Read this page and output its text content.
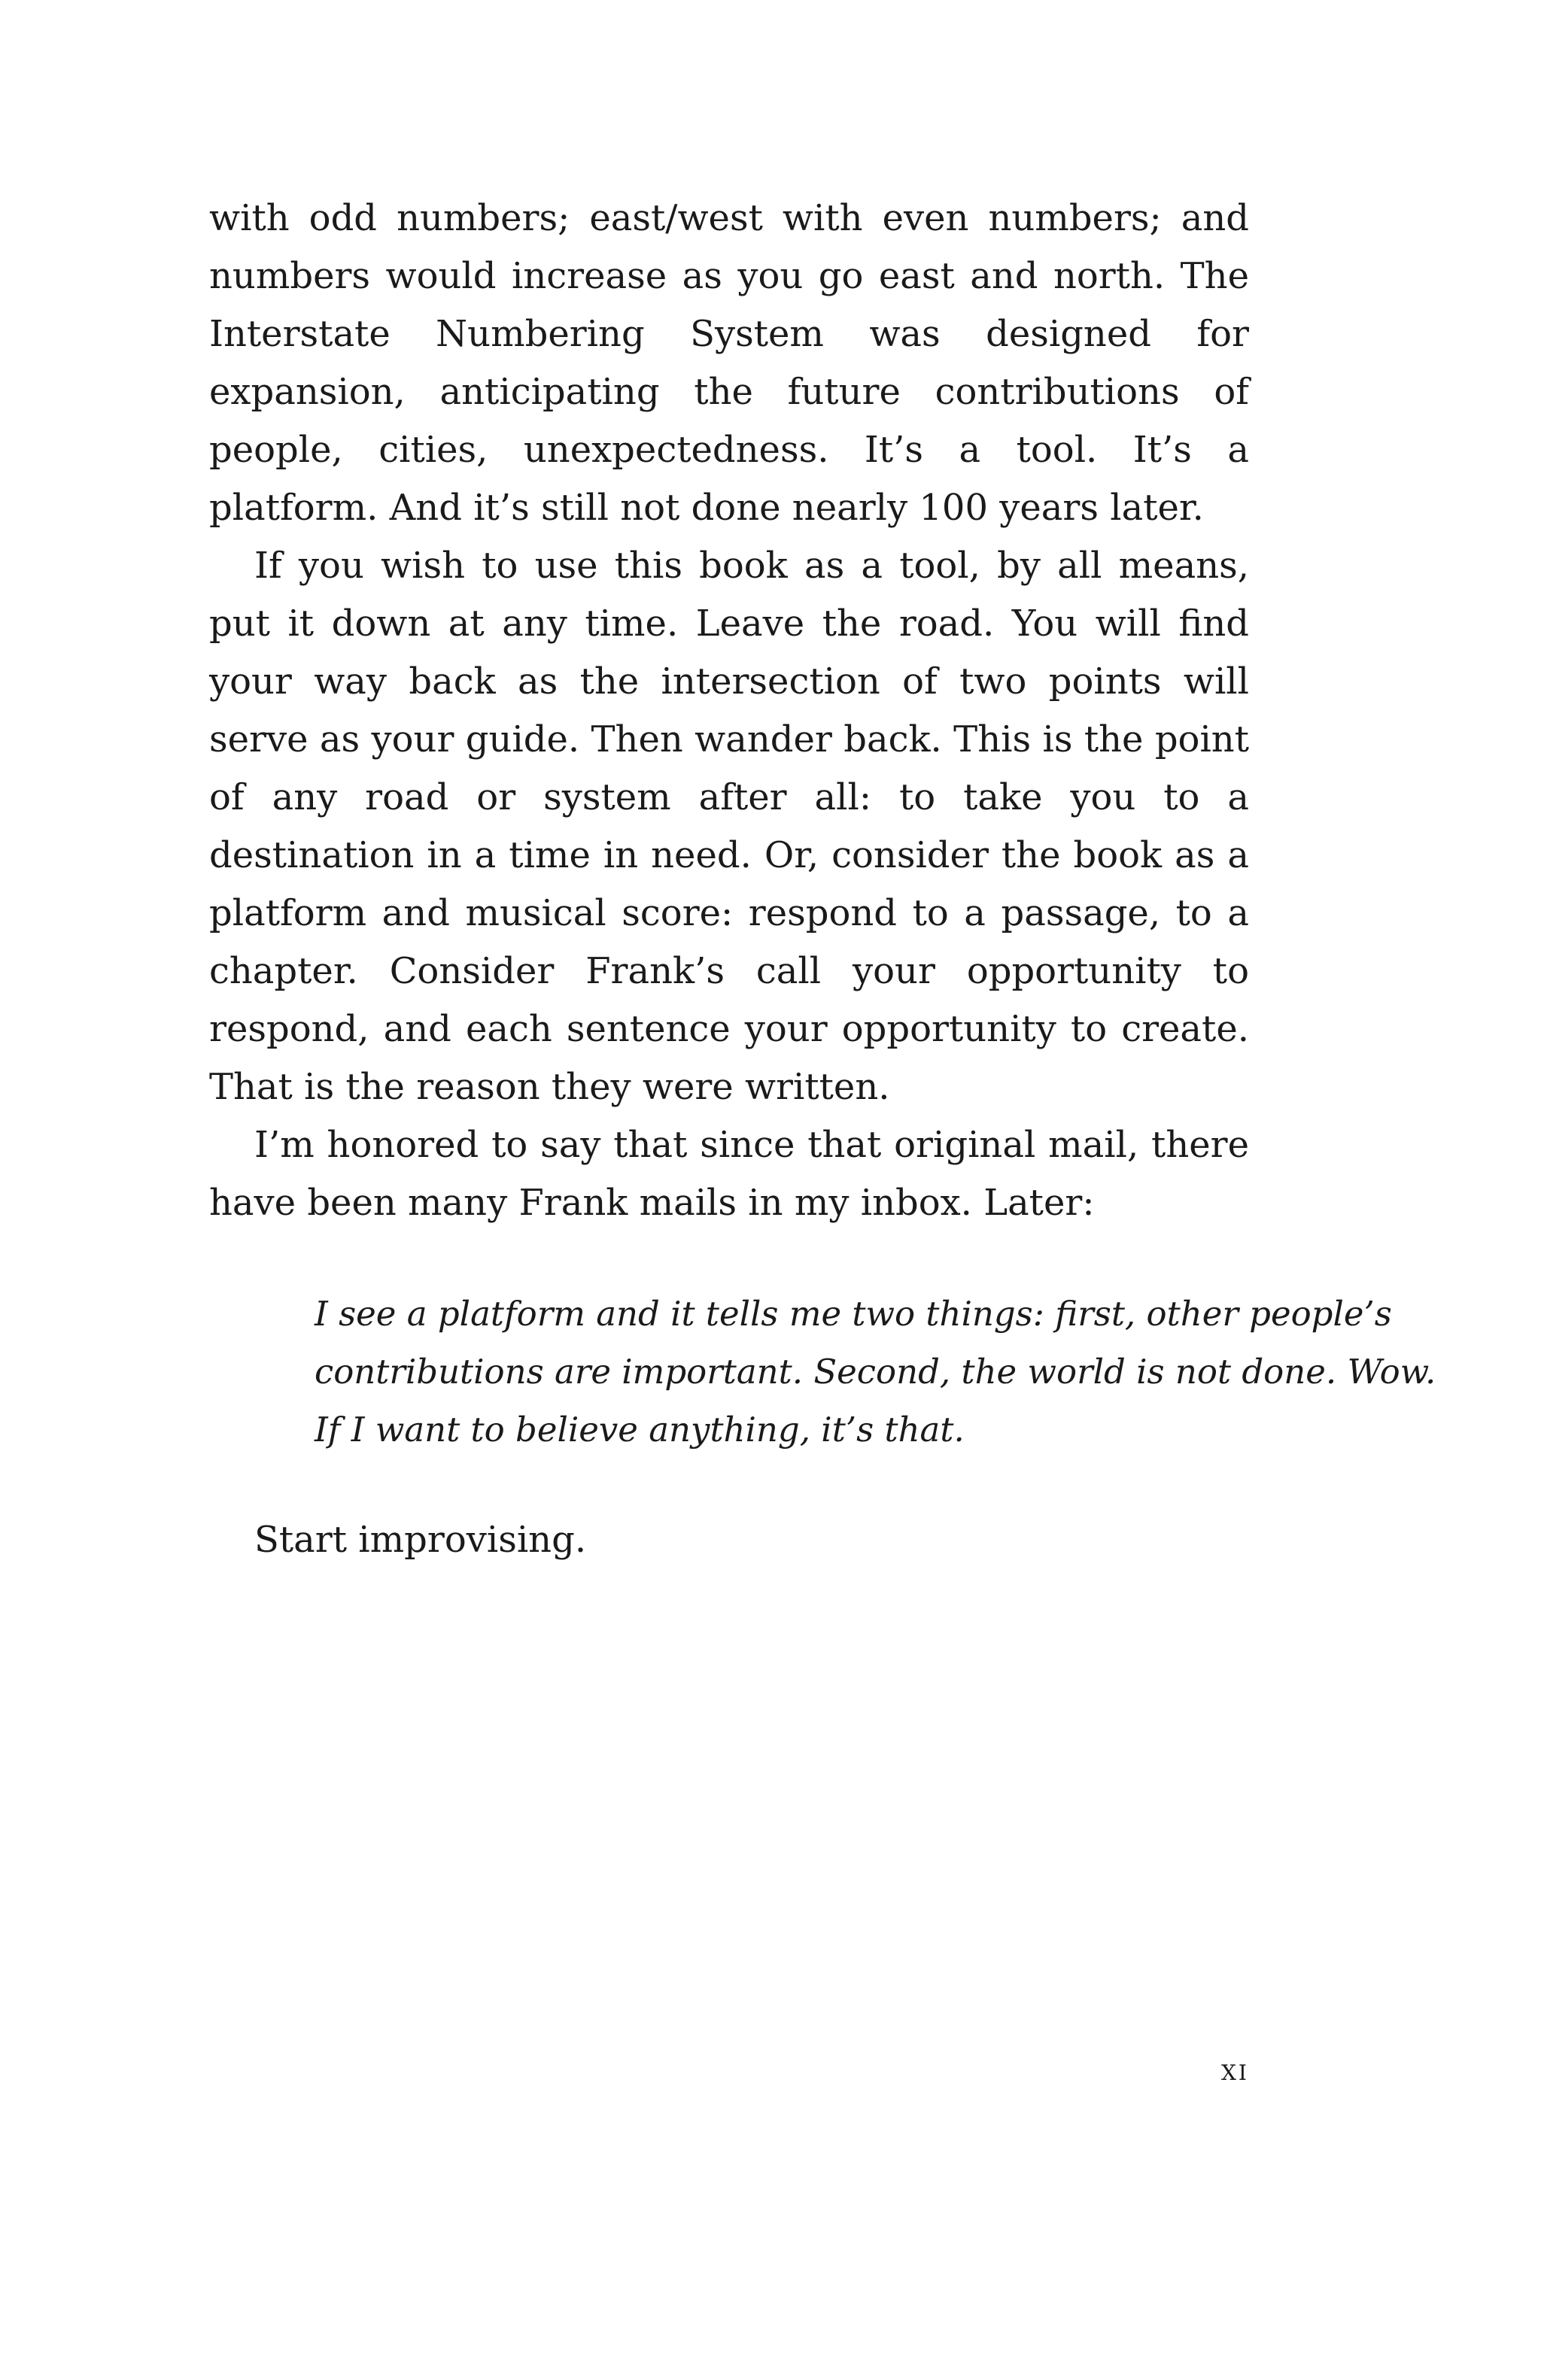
with odd numbers; east/west with even numbers; and numbers would increase as you go east and north. The Interstate Numbering System was designed for expansion, anticipating the future contributions of people, cities, unexpectedness. It’s a tool. It’s a platform. And it’s still not done nearly 100 years later.

If you wish to use this book as a tool, by all means, put it down at any time. Leave the road. You will find your way back as the intersection of two points will serve as your guide. Then wander back. This is the point of any road or system after all: to take you to a destination in a time in need. Or, consider the book as a platform and musical score: respond to a passage, to a chapter. Consider Frank’s call your opportunity to respond, and each sentence your opportunity to create. That is the reason they were written.

I’m honored to say that since that original mail, there have been many Frank mails in my inbox. Later:

I see a platform and it tells me two things: first, other people’s
contributions are important. Second, the world is not done. Wow.
If I want to believe anything, it’s that.

Start improvising.

xi
